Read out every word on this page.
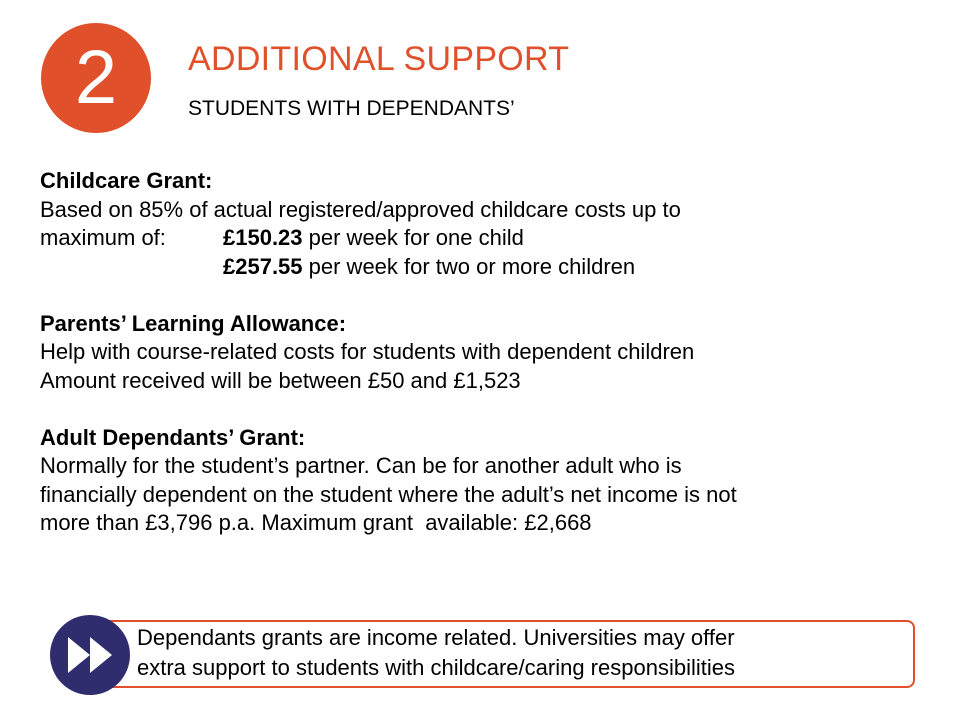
2 ADDITIONAL SUPPORT
STUDENTS WITH DEPENDANTS’

Childcare Grant:

Based on 85% of actual registered/approved childcare costs up to

maximum of:	£150.23 per week for one child
£257.55 per week for two or more children

Parents’ Learning Allowance:

Help with course-related costs for students with dependent children

Amount received will be between £50 and £1,523

Adult Dependants’ Grant:

Normally for the student’s partner. Can be for another adult who is

financially dependent on the student where the adult’s net income is not

more than £3,796 p.a. Maximum grant  available: £2,668

Dependants grants are income related. Universities may offer
extra support to students with childcare/caring responsibilities
